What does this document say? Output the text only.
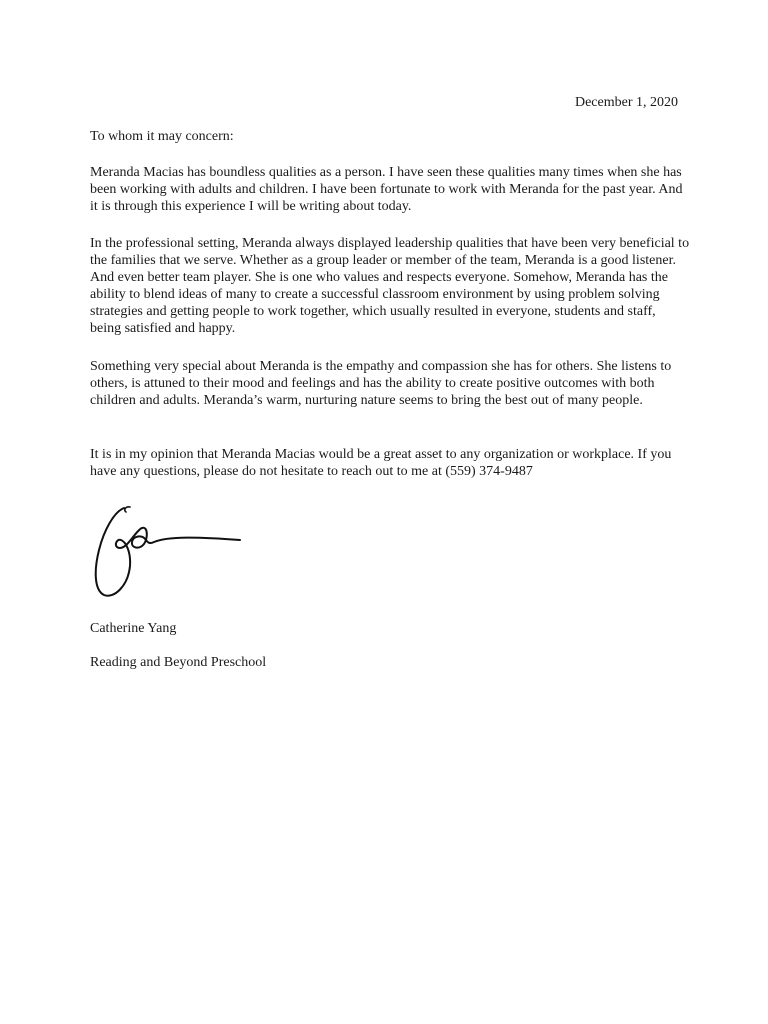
December 1, 2020

To whom it may concern:

Meranda Macias has boundless qualities as a person. I have seen these qualities many times when she has been working with adults and children. I have been fortunate to work with Meranda for the past year. And it is through this experience I will be writing about today.

In the professional setting, Meranda always displayed leadership qualities that have been very beneficial to the families that we serve. Whether as a group leader or member of the team, Meranda is a good listener. And even better team player. She is one who values and respects everyone. Somehow, Meranda has the ability to blend ideas of many to create a successful classroom environment by using problem solving strategies and getting people to work together, which usually resulted in everyone, students and staff, being satisfied and happy.

Something very special about Meranda is the empathy and compassion she has for others. She listens to others, is attuned to their mood and feelings and has the ability to create positive outcomes with both children and adults. Meranda’s warm, nurturing nature seems to bring the best out of many people.

It is in my opinion that Meranda Macias would be a great asset to any organization or workplace. If you have any questions, please do not hesitate to reach out to me at (559) 374-9487

Catherine Yang

Reading and Beyond Preschool
